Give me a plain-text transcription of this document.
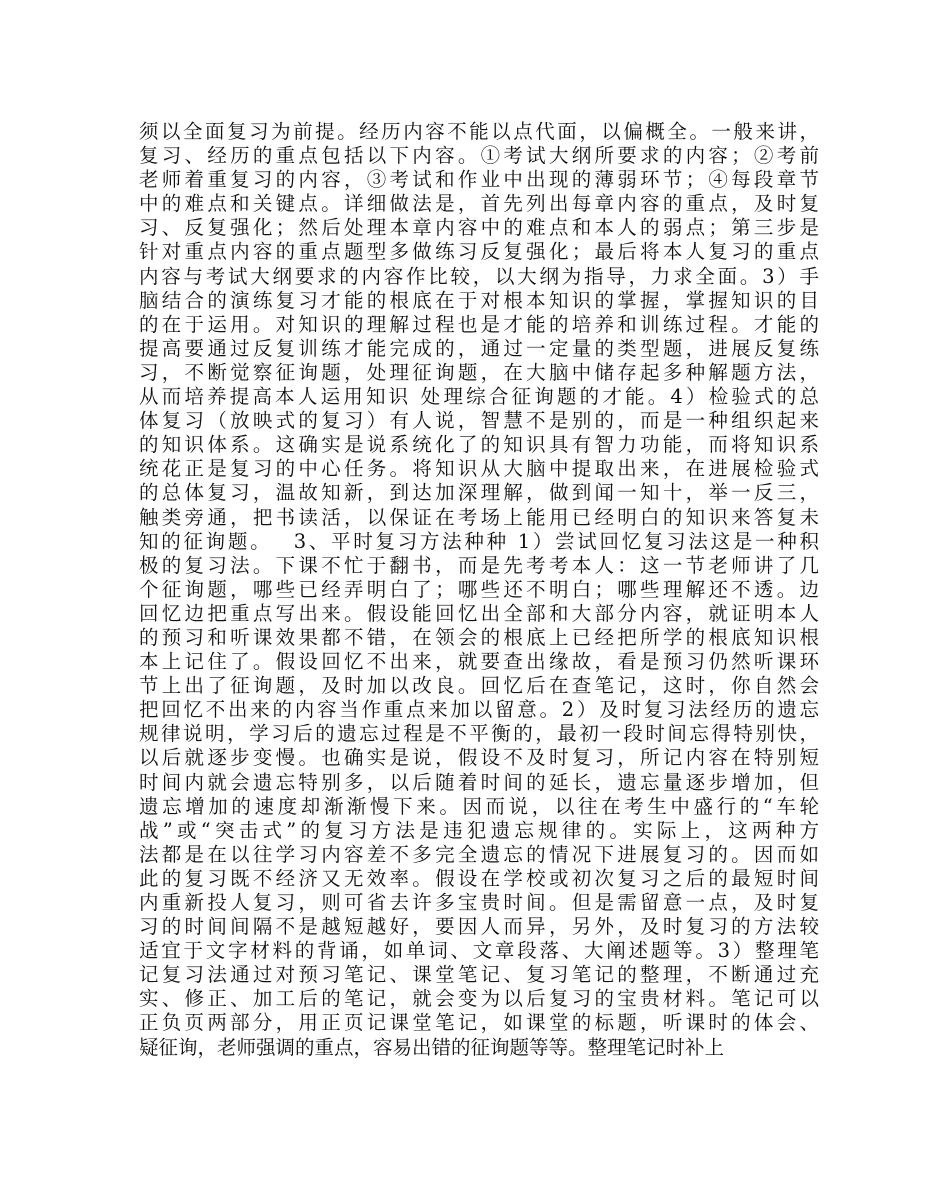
须以全面复习为前提。经历内容不能以点代面，以偏概全。一般来讲，
复习、经历的重点包括以下内容。①考试大纲所要求的内容；②考前
老师着重复习的内容，③考试和作业中出现的薄弱环节；④每段章节
中的难点和关键点。详细做法是，首先列出每章内容的重点，及时复
习、反复强化；然后处理本章内容中的难点和本人的弱点；第三步是
针对重点内容的重点题型多做练习反复强化；最后将本人复习的重点
内容与考试大纲要求的内容作比较，以大纲为指导，力求全面。3）手
脑结合的演练复习才能的根底在于对根本知识的掌握，掌握知识的目
的在于运用。对知识的理解过程也是才能的培养和训练过程。才能的
提高要通过反复训练才能完成的，通过一定量的类型题，进展反复练
习，不断觉察征询题，处理征询题，在大脑中储存起多种解题方法，
从而培养提高本人运用知识 处理综合征询题的才能。4）检验式的总
体复习（放映式的复习）有人说，智慧不是别的，而是一种组织起来
的知识体系。这确实是说系统化了的知识具有智力功能，而将知识系
统花正是复习的中心任务。将知识从大脑中提取出来，在进展检验式
的总体复习，温故知新，到达加深理解，做到闻一知十，举一反三，
触类旁通，把书读活，以保证在考场上能用已经明白的知识来答复未
知的征询题。　 3、平时复习方法种种 1）尝试回忆复习法这是一种积
极的复习法。下课不忙于翻书，而是先考考本人：这一节老师讲了几
个征询题，哪些已经弄明白了；哪些还不明白；哪些理解还不透。边
回忆边把重点写出来。假设能回忆出全部和大部分内容，就证明本人
的预习和听课效果都不错，在领会的根底上已经把所学的根底知识根
本上记住了。假设回忆不出来，就要查出缘故，看是预习仍然听课环
节上出了征询题，及时加以改良。回忆后在查笔记，这时，你自然会
把回忆不出来的内容当作重点来加以留意。2）及时复习法经历的遗忘
规律说明，学习后的遗忘过程是不平衡的，最初一段时间忘得特别快，
以后就逐步变慢。也确实是说，假设不及时复习，所记内容在特别短
时间内就会遗忘特别多，以后随着时间的延长，遗忘量逐步增加，但
遗忘增加的速度却渐渐慢下来。因而说，以往在考生中盛行的“车轮
战”或“突击式”的复习方法是违犯遗忘规律的。实际上，这两种方
法都是在以往学习内容差不多完全遗忘的情况下进展复习的。因而如
此的复习既不经济又无效率。假设在学校或初次复习之后的最短时间
内重新投人复习，则可省去许多宝贵时间。但是需留意一点，及时复
习的时间间隔不是越短越好，要因人而异，另外，及时复习的方法较
适宜于文字材料的背诵，如单词、文章段落、大阐述题等。3）整理笔
记复习法通过对预习笔记、课堂笔记、复习笔记的整理，不断通过充
实、修正、加工后的笔记，就会变为以后复习的宝贵材料。笔记可以
正负页两部分，用正页记课堂笔记，如课堂的标题，听课时的体会、
疑征询，老师强调的重点，容易出错的征询题等等。整理笔记时补上
